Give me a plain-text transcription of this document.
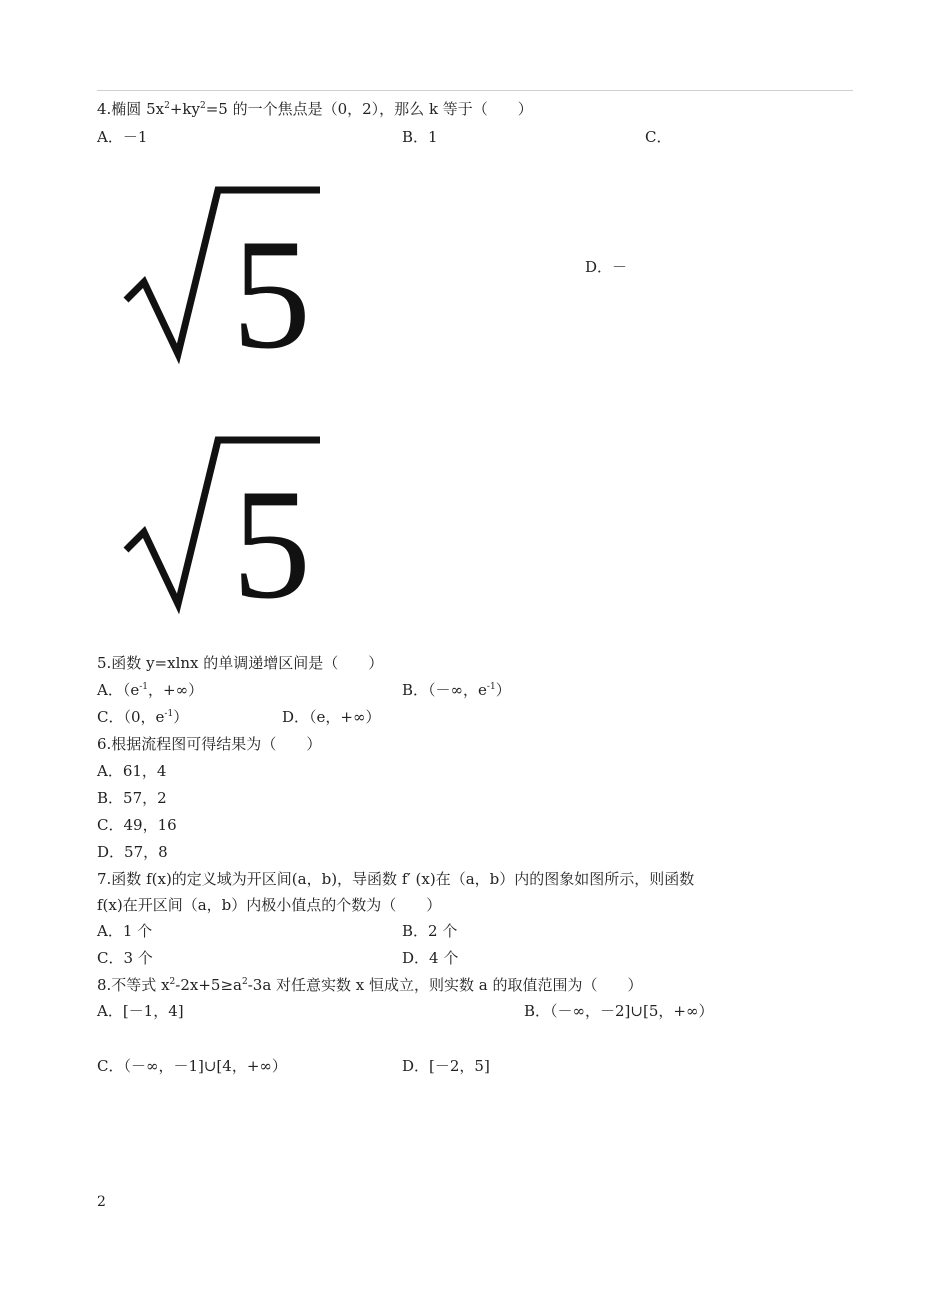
4.椭圆 $5x^2+ky^2=5$ 的一个焦点是（0，2），那么 k 等于（　　）
A．－1	B．1	C．
D．－
5
5
5.函数 y=xlnx 的单调递增区间是（　　）
A．（$e^{-1}$，+∞）	B．（－∞，$e^{-1}$）
C．（0，$e^{-1}$）	D．（e，+∞）
6.根据流程图可得结果为（　　）
A．61，4
B．57，2
C．49，16
D．57，8
7.函数 f(x)的定义域为开区间(a，b)，导函数 f′ (x)在（a，b）内的图象如图所示，则函数
f(x)在开区间（a，b）内极小值点的个数为（　　）
A．1 个	B．2 个
C．3 个	D．4 个
8.不等式 $x^2-2x+5\ge a^2-3a$ 对任意实数 x 恒成立，则实数 a 的取值范围为（　　）
A．[－1，4]	B．（－∞，－2]∪[5，+∞）
C．（－∞，－1]∪[4，+∞）	D．[－2，5]
2
